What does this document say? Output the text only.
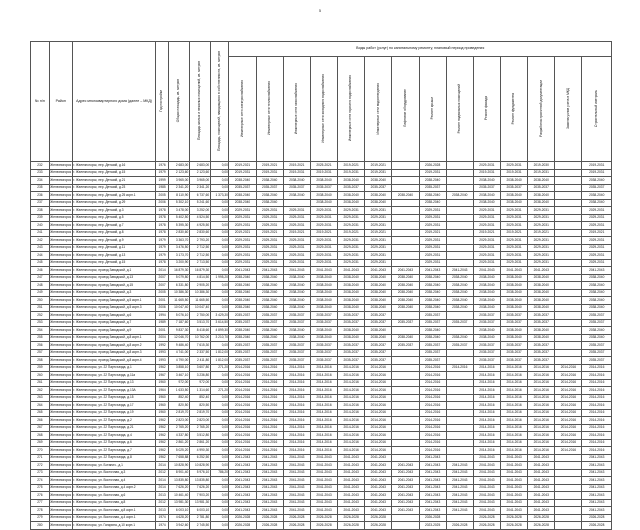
5
№ п/п	Район	Адрес многоквартирного дома (далее – МКД)	Год постройки	Общая площадь, кв. метров	Площадь жилых и нежилых помещений, кв. метров	Площадь, помещений, находящихся в собственности, кв. метров	Виды работ (услуг) по капитальному ремонту, плановый период проведения													
							Инженерные сети электроснабжения	Инженерные сети теплоснабжения	Инженерные сети газоснабжения	Инженерные сети холодного водоснабжения	Инженерные сети горячего водоснабжения	Инженерные сети водоотведения	Лифтовое оборудование	Ремонт крыши	Ремонт подвальных помещений	Ремонт фасада	Ремонт фундамента	Разработка проектной документации	Замена узлов учета в МКД	Строительный контроль
232	Железногорск	г. Железногорск, пер. Детский, д.16	1976	2 683,00	2 683,00	0,00	2019-2021	2019-2021	2019-2021	2025-2021	2019-2021	2019-2021		2026-2028		2029-2031	2029-2031	2019-2030		2019-2031
233	Железногорск	г. Железногорск, пер. Детский, д.15	1979	2 123,60	2 123,60	0,00	2019-2031	2019-2031	2019-2031	2019-2031	2019-2031	2019-2031		2019-2031		2019-2031	2019-2031	2019-2031		2019-2031
234	Железногорск	г. Железногорск, пер. Детский, д.21	1999	3 965,00	3 965,00	0,00	2038-2040	2038-2040	2038-2040	2038-2040	2038-2040	2038-2040		2038-2040		2038-2040	2038-2040	2038-2040		2038-2040
235	Железногорск	г. Железногорск, пер. Детский, д.23	1985	2 341,20	2 341,20	0,00	2035-2037	2035-2037	2035-2037	2035-2037	2035-2037	2035-2037		2035-2037		2035-2037	2035-2037	2035-2037		2035-2037
236	Железногорск	г. Железногорск, пер. Детский, д.25 корп.1	2005	8 110,90	6 737,60	1 373,30	2038-2040	2038-2040	2038-2040	2038-2040	2038-2040	2038-2040	2038-2040	2038-2040	2038-2040	2038-2040	2038-2040	2038-2040		2038-2040
237	Железногорск	г. Железногорск, пер. Детский, д.29	2006	5 302,10	5 241,60	0,00	2038-2040	2038-2040		2038-2040	2038-2040	2038-2040		2038-2040		2038-2040	2038-2040	2038-2040		2038-2040
238	Железногорск	г. Железногорск, пер. Детский, д.3	1978	3 478,00	3 252,00	0,00	2029-2031	2029-2031	2029-2031	2029-2031	2029-2031	2029-2031		2029-2031		2029-2031	2029-2031	2029-2031		2029-2031
239	Железногорск	г. Железногорск, пер. Детский, д.5	1978	5 402,50	4 524,50	0,00	2029-2031	2029-2031	2029-2031	2029-2031	2029-2031	2029-2031		2029-2031		2029-2031	2029-2031	2029-2031		2029-2031
240	Железногорск	г. Железногорск, пер. Детский, д.7	1978	5 395,30	4 925,50	0,00	2029-2031	2029-2031	2029-2031	2029-2031	2029-2031	2029-2031		2029-2031		2029-2031	2029-2031	2029-2031		2029-2031
241	Железногорск	г. Железногорск, пер. Детский, д.8	1978	2 830,60	2 830,60	0,00	2019-2021	2019-2021	2019-2021	2019-2021	2019-2021	2019-2021		2019-2021		2019-2021	2019-2021	2019-2021		2019-2021
242	Железногорск	г. Железногорск, пер. Детский, д.9	1979	3 363,70	2 793,20	0,00	2029-2031	2029-2031	2029-2031	2029-2031	2029-2031	2029-2031		2029-2031		2029-2031	2029-2031	2029-2031		2029-2031
243	Железногорск	г. Железногорск, пер. Детский, д.11	1979	3 476,50	2 712,50	0,00	2029-2031	2029-2031	2029-2031	2029-2031	2029-2031	2029-2031		2029-2031		2029-2031	2029-2031	2029-2031		2029-2031
244	Железногорск	г. Железногорск, пер. Детский, д.13	1979	3 173,70	2 712,50	0,00	2029-2031	2029-2031	2029-2031	2029-2031	2029-2031	2029-2031		2029-2031		2029-2031	2029-2031	2029-2031		2029-2031
245	Железногорск	г. Железногорск, пер. Детский, д.15	1978	3 200,90	2 713,50	0,00	2029-2031	2029-2031	2029-2031	2029-2031	2029-2031	2029-2031		2029-2031		2029-2031	2029-2031	2029-2031		2029-2031
246	Железногорск	г. Железногорск, проезд Заводской, д.1	2014	16 879,30	16 879,30	0,00	2041-2043	2041-2043	2041-2043	2041-2043	2041-2043	2041-2043	2041-2043	2041-2043	2041-2043	2041-2043	2041-2043	2041-2043		2041-2043
247	Железногорск	г. Железногорск, проезд Заводской, д.13	2007	5 079,80	4 814,50	1 995,20	2038-2040	2038-2040	2038-2040	2038-2040	2038-2040	2038-2040	2038-2040	2038-2040	2038-2040	2038-2040	2038-2040	2038-2040		2038-2040
248	Железногорск	г. Железногорск, проезд Заводской, д.15	2007	6 331,80	2 905,20	0,00	2038-2040	2038-2040	2038-2040	2038-2040	2038-2040	2038-2040	2038-2040	2038-2040	2038-2040	2038-2040	2038-2040	2038-2040		2038-2040
249	Железногорск	г. Железногорск, проезд Заводской, д.3	2005	10 386,30	10 386,30	0,00	2038-2040	2038-2040	2038-2040	2038-2040	2038-2040	2038-2040	2038-2040	2038-2040	2038-2040	2038-2040	2038-2040	2038-2040		2038-2040
250	Железногорск	г. Железногорск, проезд Заводской, д.5 корп.1	2001	11 665,50	11 665,50	0,00	2038-2040	2038-2040	2038-2040	2038-2040	2038-2040	2038-2040	2038-2040	2038-2040	2038-2040	2038-2040	2038-2040	2038-2040		2038-2040
251	Железногорск	г. Железногорск, проезд Заводской, д.5 корп.3	2006	10 047,40	10 047,40	0,00	2038-2040	2038-2040	2038-2040	2038-2040	2038-2040	2038-2040	2038-2040	2038-2040	2038-2040	2038-2040	2038-2040	2038-2040		2038-2040
252	Железногорск	г. Железногорск, проезд Заводской, д.6	1994	5 076,10	2 750,00	3 429,20	2035-2037	2035-2037	2035-2037	2035-2037	2035-2037	2035-2037		2035-2037		2035-2037	2035-2037	2035-2037		2035-2037
253	Железногорск	г. Железногорск, проезд Заводской, д.7	1989	7 187,60	3 513,70	3 614,50	2035-2037	2035-2037	2035-2037	2035-2037	2035-2037	2035-2037	2035-2037	2035-2037	2035-2037	2035-2037	2035-2037	2035-2037		2035-2037
254	Железногорск	г. Железногорск, проезд Заводской, д.9	2001	9 837,30	8 418,60	4 899,30	2038-2040	2038-2040	2038-2040	2038-2040	2038-2040	2038-2040		2038-2040		2038-2040	2038-2040	2038-2040		2038-2040
255	Железногорск	г. Железногорск, проезд Заводской, д.8 корп.1	2004	12 046,70	10 762,00	3 210,70	2038-2040	2038-2040	2038-2040	2038-2040	2038-2040	2038-2040	2038-2040	2038-2040	2038-2040	2038-2040	2038-2040	2038-2040		2038-2040
256	Железногорск	г. Железногорск, проезд Заводской, д.8 корп.2	1992	9 486,40	7 615,30	0,00	2035-2037	2035-2037	2035-2037	2035-2037	2035-2037	2035-2037	2035-2037	2035-2037	2035-2037	2035-2037	2035-2037	2035-2037		2035-2037
257	Железногорск	г. Железногорск, проезд Заводской, д.8 корп.3	1993	4 741,00	2 337,50	1 812,00	2035-2037	2035-2037	2035-2037	2035-2037	2035-2037	2035-2037		2035-2037		2035-2037	2035-2037	2035-2037		2035-2037
258	Железногорск	г. Железногорск, проезд Заводской, д.8 корп.4	1993	4 790,00	2 411,80	1 812,00	2035-2037	2035-2037	2035-2037	2035-2037	2035-2037	2035-2037		2035-2037		2035-2037	2035-2037	2035-2037		2035-2037
259	Железногорск	г. Железногорск, ул. 22 Партсъезда, д.1	1962	3 858,10	3 607,80	271,20	2014-2016	2014-2016	2014-2016	2014-2016	2014-2016	2014-2016		2014-2016	2014-2016	2014-2016	2014-2016	2014-2016	2014-2016	2014-2016
260	Железногорск	г. Железногорск, ул. 22 Партсъезда, д.11а	1967	3 467,10	3 236,80	0,00	2014-2016	2014-2016	2014-2016	2014-2016	2014-2016	2014-2016		2014-2016		2014-2016	2014-2016	2014-2016	2014-2016	2014-2016
261	Железногорск	г. Железногорск, ул. 22 Партсъезда, д.13	1960	972,00	972,00	0,00	2014-2016	2014-2016	2014-2016	2014-2016	2014-2016	2014-2016		2014-2016		2014-2016	2014-2016	2014-2016	2014-2016	2014-2016
262	Железногорск	г. Железногорск, ул. 22 Партсъезда, д.13А	1964	1 633,50	1 314,60	271,20	2014-2016	2014-2016	2014-2016	2014-2016	2014-2016	2014-2016		2014-2016		2014-2016	2014-2016	2014-2016	2014-2016	2014-2016
263	Железногорск	г. Железногорск, ул. 22 Партсъезда, д.15	1960	852,40	852,40	0,00	2014-2016	2014-2016	2014-2016	2014-2016	2014-2016	2014-2016		2014-2016		2014-2016	2014-2016	2014-2016	2014-2016	2014-2016
264	Железногорск	г. Железногорск, ул. 22 Партсъезда, д.17	1960	820,50	820,50	0,00	2014-2016	2014-2016	2014-2016	2014-2016	2014-2016	2014-2016		2014-2016		2014-2016	2014-2016	2014-2016	2014-2016	2014-2016
265	Железногорск	г. Железногорск, ул. 22 Партсъезда, д.19	1960	2 819,70	2 819,70	0,00	2014-2016	2014-2016	2014-2016	2014-2016	2014-2016	2014-2016		2014-2016		2014-2016	2014-2016	2014-2016	2014-2016	2014-2016
266	Железногорск	г. Железногорск, ул. 22 Партсъезда, д.2	1962	2 823,00	2 823,00	0,00	2014-2016	2014-2016	2014-2016	2014-2016	2014-2016	2014-2016		2014-2016		2014-2016	2014-2016	2014-2016	2014-2016	2014-2016
267	Железногорск	г. Железногорск, ул. 22 Партсъезда, д.21	1962	2 765,20	2 765,20	0,00	2014-2016	2014-2016	2014-2016	2014-2016	2014-2016	2014-2016		2014-2016		2014-2016	2014-2016	2014-2016	2014-2016	2014-2016
268	Железногорск	г. Железногорск, ул. 22 Партсъезда, д.4	1962	4 337,80	3 512,80	0,00	2014-2016	2014-2016	2014-2016	2014-2016	2014-2016	2014-2016		2014-2016		2014-2016	2014-2016	2014-2016	2014-2016	2014-2016
269	Железногорск	г. Железногорск, ул. 22 Партсъезда, д.6	1962	2 861,20	2 861,20	0,00	2014-2016	2014-2016	2014-2016	2014-2016	2014-2016	2014-2016		2014-2016		2014-2016	2014-2016	2014-2016	2014-2016	2014-2016
270	Железногорск	г. Железногорск, ул. 22 Партсъезда, д.7	1962	5 025,20	4 990,30	0,00	2014-2016	2014-2016	2014-2016	2014-2016	2014-2016	2014-2016		2014-2016		2014-2016	2014-2016	2014-2016	2014-2016	2014-2016
271	Железногорск	г. Железногорск, ул. 22 Партсъезда, д.8	1962	7 658,88	6 252,50	0,00	2041-2043	2041-2043	2041-2043	2041-2043	2041-2043	2041-2043		2041-2043		2041-2043	2041-2043	2041-2043		2041-2043
272	Железногорск	г. Железногорск, ул. Ботанич., д.1	2014	10 828,90	10 828,90	0,00	2041-2043	2041-2043	2041-2043	2041-2043	2041-2043	2041-2043	2041-2043	2041-2043	2041-2043	2041-2043	2041-2043	2041-2043		2041-2043
273	Железногорск	г. Железногорск, ул. Восточная, д.3	2012	8 901,40	5 976,10	786,20	2041-2043	2041-2043	2041-2043	2041-2043	2041-2043	2041-2043	2041-2043	2041-2043	2041-2043	2041-2043	2041-2043	2041-2043		2041-2043
274	Железногорск	г. Железногорск, ул. Восточная, д.4	2014	13 835,80	13 835,80	0,00	2041-2043	2041-2043	2041-2043	2041-2043	2041-2043	2041-2043	2041-2043	2041-2043	2041-2043	2041-2043	2041-2043	2041-2043		2041-2043
275	Железногорск	г. Железногорск, ул. Восточная, д.4 корп.2	2014	7 626,20	7 626,20	0,00	2041-2043	2041-2043	2041-2043	2041-2043	2041-2043	2041-2043	2041-2043	2041-2043	2041-2043	2041-2043	2041-2043	2041-2043		2041-2043
276	Железногорск	г. Железногорск, ул. Восточная, д.6	2013	10 461,40	7 903,20	0,00	2041-2043	2041-2043	2041-2043	2041-2043	2041-2043	2041-2043	2041-2043	2041-2043	2041-2043	2041-2043	2041-2043	2041-2043		2041-2043
277	Железногорск	г. Железногорск, ул. Восточная, д.8	2012	13 981,30	13 981,30	0,00	2041-2043	2041-2043	2041-2043	2041-2043	2041-2043	2041-2043	2041-2043	2041-2043	2041-2043	2041-2043	2041-2043	2041-2043		2041-2043
278	Железногорск	г. Железногорск, ул. Восточная, д.8 корп.1	2013	6 003,10	6 003,10	0,00	2041-2043	2041-2043	2041-2043	2041-2043	2041-2043	2041-2043	2041-2043	2041-2043	2041-2043	2041-2043	2041-2043	2041-2043		2041-2043
279	Железногорск	г. Железногорск, ул. Восточная, д.4 корп.1	1974	4 628,20	2 781,80	0,00	2026-2028	2026-2028	2026-2028	2026-2028	2026-2028	2026-2028		2026-2028		2026-2028	2026-2028	2026-2028		2026-2028
280	Железногорск	г. Железногорск, ул. Гагарина, д.10 корп.1	1974	3 942,60	2 745,50	0,00	2026-2028	2026-2028	2026-2028	2026-2028	2026-2028	2026-2028		2023-2025	2026-2028	2026-2028	2026-2028	2026-2028		2026-2028
